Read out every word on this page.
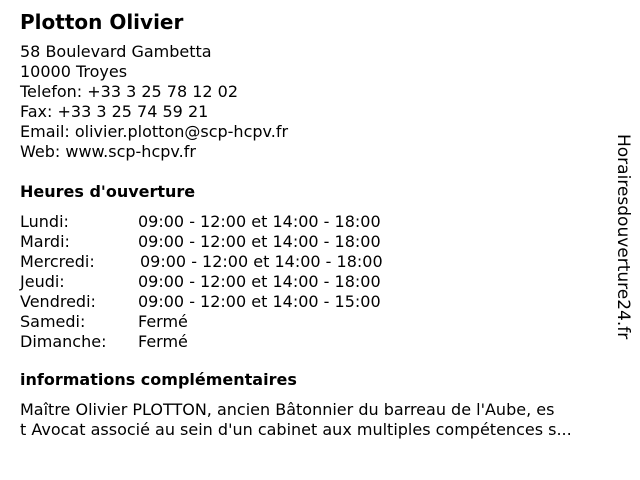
Plotton Olivier
58 Boulevard Gambetta
10000 Troyes
Telefon: +33 3 25 78 12 02
Fax: +33 3 25 74 59 21
Email: olivier.plotton@scp-hcpv.fr
Web: www.scp-hcpv.fr
Heures d'ouverture
Lundi:	09:00 - 12:00 et 14:00 - 18:00
Mardi:	09:00 - 12:00 et 14:00 - 18:00
Mercredi:	09:00 - 12:00 et 14:00 - 18:00
Jeudi:	09:00 - 12:00 et 14:00 - 18:00
Vendredi:	09:00 - 12:00 et 14:00 - 15:00
Samedi:	Fermé
Dimanche: Fermé
informations complémentaires
Maître Olivier PLOTTON, ancien Bâtonnier du barreau de l'Aube, es
t Avocat associé au sein d'un cabinet aux multiples compétences s...
Horairesdouverture24.fr
